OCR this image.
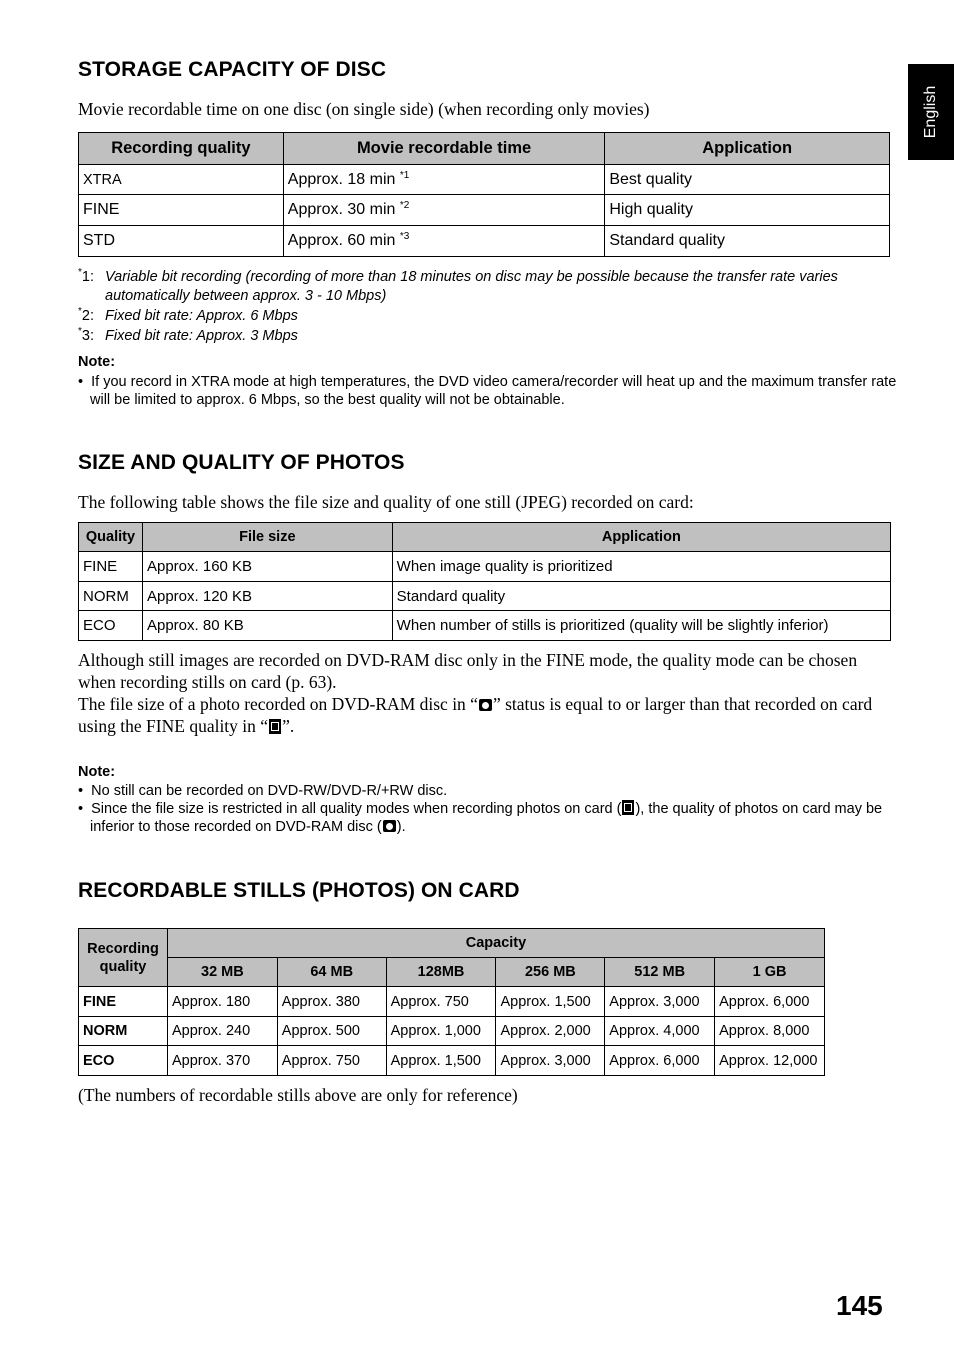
English
STORAGE CAPACITY OF DISC
Movie recordable time on one disc (on single side) (when recording only movies)
Recording quality	Movie recordable time	Application
XTRA	Approx. 18 min $^{*1}$	Best quality
FINE	Approx. 30 min $^{*2}$	High quality
STD	Approx. 60 min $^{*3}$	Standard quality
*1: Variable bit recording (recording of more than 18 minutes on disc may be possible because the transfer rate varies automatically between approx. 3 - 10 Mbps)
*2: Fixed bit rate: Approx. 6 Mbps
*3: Fixed bit rate: Approx. 3 Mbps
Note:
•  If you record in XTRA mode at high temperatures, the DVD video camera/recorder will heat up and the maximum transfer rate will be limited to approx. 6 Mbps, so the best quality will not be obtainable.
SIZE AND QUALITY OF PHOTOS
The following table shows the file size and quality of one still (JPEG) recorded on card:
Quality	File size	Application
FINE	Approx. 160 KB	When image quality is prioritized
NORM	Approx. 120 KB	Standard quality
ECO	Approx. 80 KB	When number of stills is prioritized (quality will be slightly inferior)
Although still images are recorded on DVD-RAM disc only in the FINE mode, the quality mode can be chosen when recording stills on card (p. 63).
The file size of a photo recorded on DVD-RAM disc in “ ” status is equal to or larger than that recorded on card using the FINE quality in “ ”.
Note:
•  No still can be recorded on DVD-RW/DVD-R/+RW disc.
•  Since the file size is restricted in all quality modes when recording photos on card ( ), the quality of photos on card may be inferior to those recorded on DVD-RAM disc ( ).
RECORDABLE STILLS (PHOTOS) ON CARD
Recording quality	Capacity					
	32 MB	64 MB	128MB	256 MB	512 MB	1 GB
FINE	Approx. 180	Approx. 380	Approx. 750	Approx. 1,500	Approx. 3,000	Approx. 6,000
NORM	Approx. 240	Approx. 500	Approx. 1,000	Approx. 2,000	Approx. 4,000	Approx. 8,000
ECO	Approx. 370	Approx. 750	Approx. 1,500	Approx. 3,000	Approx. 6,000	Approx. 12,000
(The numbers of recordable stills above are only for reference)
145
